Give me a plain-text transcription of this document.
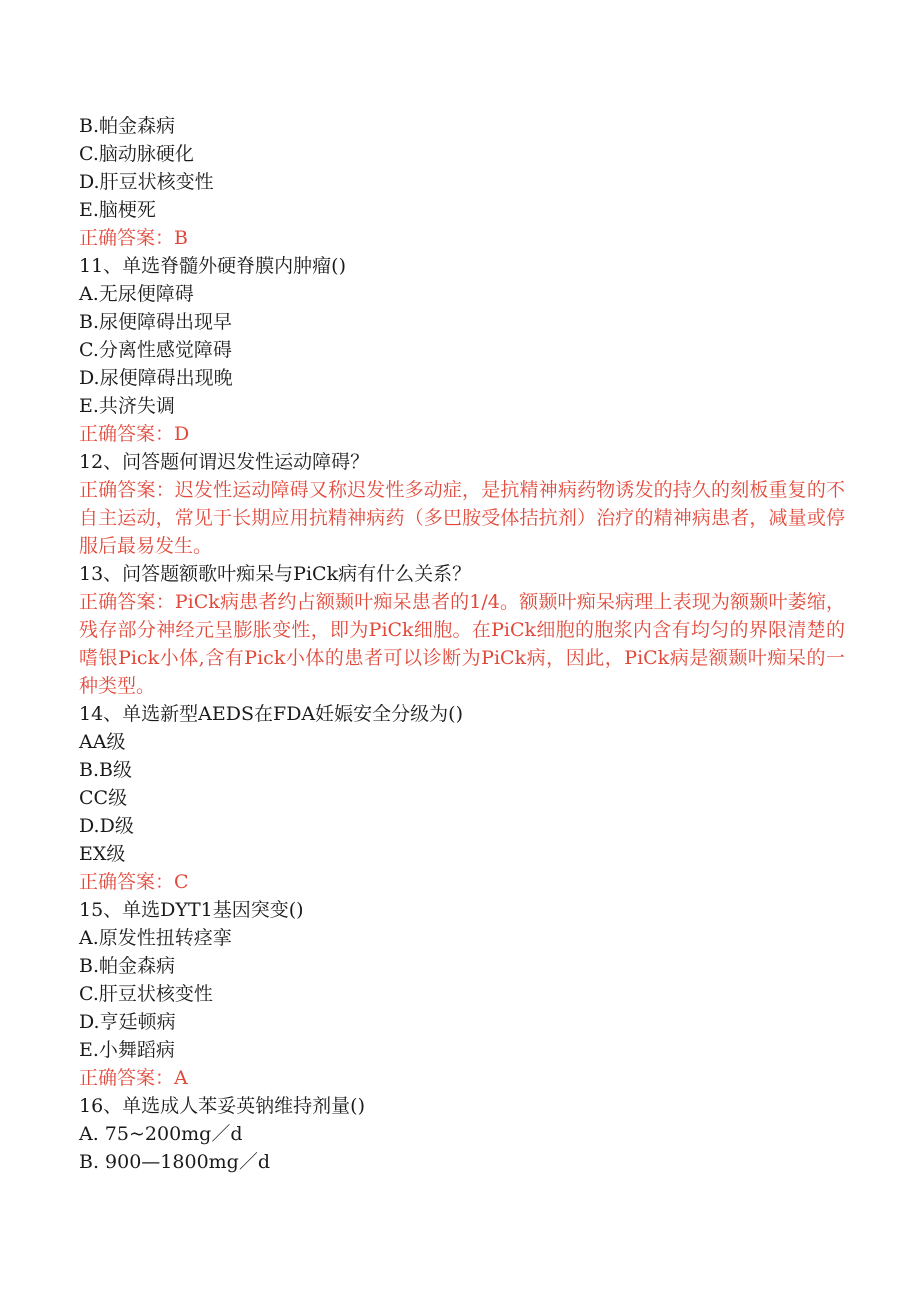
B.帕金森病
C.脑动脉硬化
D.肝豆状核变性
E.脑梗死
正确答案：B
11、单选脊髓外硬脊膜内肿瘤()
A.无尿便障碍
B.尿便障碍出现早
C.分离性感觉障碍
D.尿便障碍出现晚
E.共济失调
正确答案：D
12、问答题何谓迟发性运动障碍？
正确答案：迟发性运动障碍又称迟发性多动症，是抗精神病药物诱发的持久的刻板重复的不自主运动，常见于长期应用抗精神病药（多巴胺受体拮抗剂）治疗的精神病患者，减量或停服后最易发生。
13、问答题额歌叶痴呆与PiCk病有什么关系？
正确答案：PiCk病患者约占额颞叶痴呆患者的1/4。额颞叶痴呆病理上表现为额颞叶萎缩，残存部分神经元呈膨胀变性，即为PiCk细胞。在PiCk细胞的胞浆内含有均匀的界限清楚的嗜银Pick小体,含有Pick小体的患者可以诊断为PiCk病，因此，PiCk病是额颞叶痴呆的一种类型。
14、单选新型AEDS在FDA妊娠安全分级为()
AA级
B.B级
CC级
D.D级
EX级
正确答案：C
15、单选DYT1基因突变()
A.原发性扭转痉挛
B.帕金森病
C.肝豆状核变性
D.亨廷顿病
E.小舞蹈病
正确答案：A
16、单选成人苯妥英钠维持剂量()
A. 75~200mg／d
B. 900—1800mg／d
